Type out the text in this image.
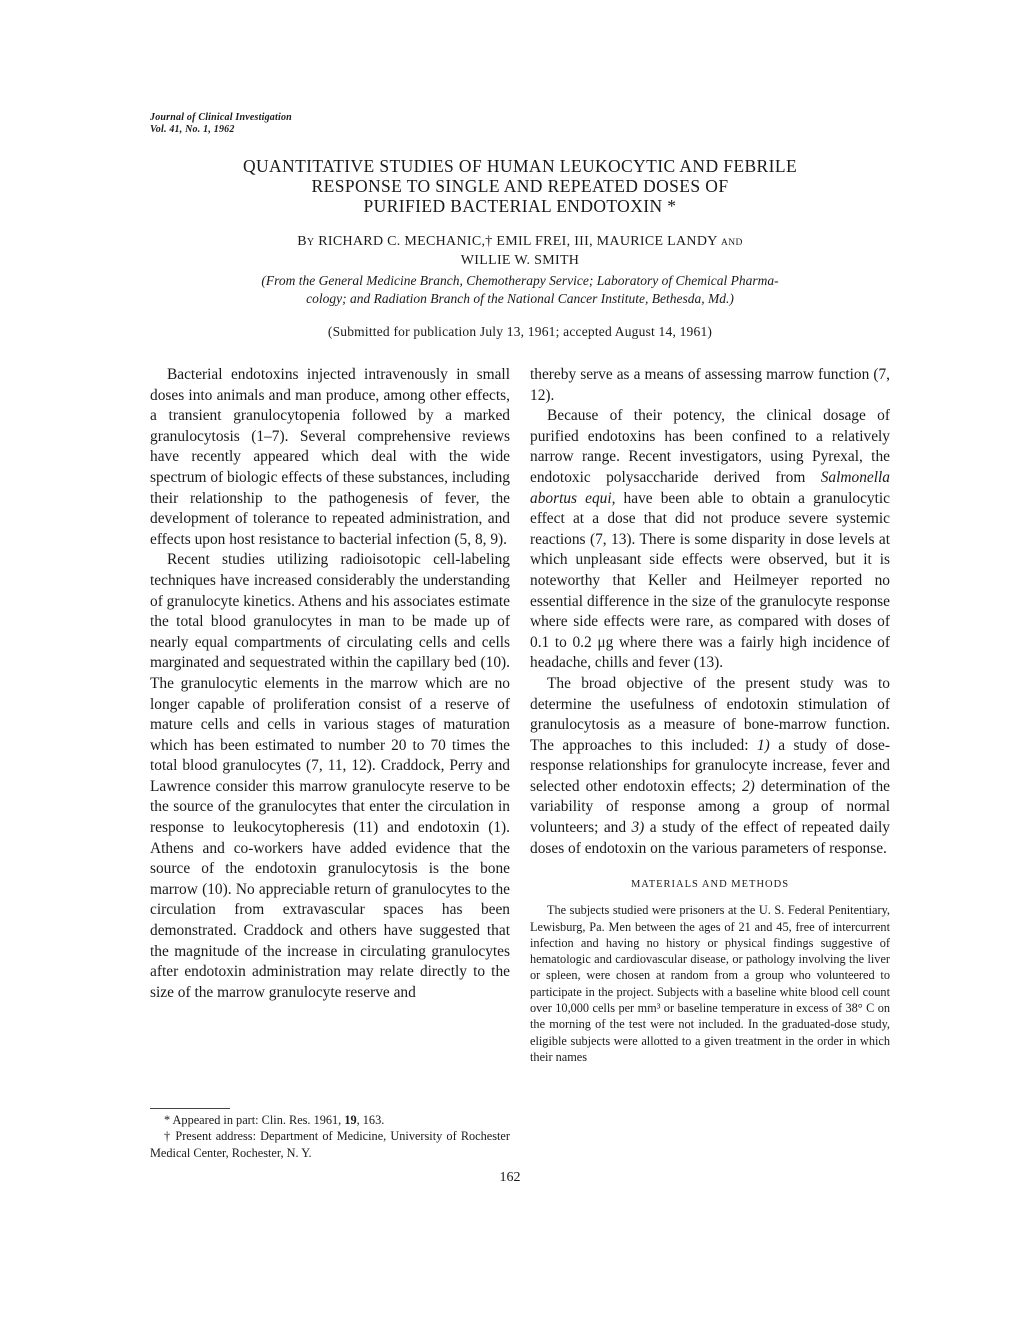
Journal of Clinical Investigation
Vol. 41, No. 1, 1962
QUANTITATIVE STUDIES OF HUMAN LEUKOCYTIC AND FEBRILE
RESPONSE TO SINGLE AND REPEATED DOSES OF
PURIFIED BACTERIAL ENDOTOXIN *
By RICHARD C. MECHANIC,† EMIL FREI, III, MAURICE LANDY AND
WILLIE W. SMITH
(From the General Medicine Branch, Chemotherapy Service; Laboratory of Chemical Pharma-
cology; and Radiation Branch of the National Cancer Institute, Bethesda, Md.)
(Submitted for publication July 13, 1961; accepted August 14, 1961)

Bacterial endotoxins injected intravenously in small doses into animals and man produce, among other effects, a transient granulocytopenia followed by a marked granulocytosis (1–7). Several comprehensive reviews have recently appeared which deal with the wide spectrum of biologic effects of these substances, including their relationship to the pathogenesis of fever, the development of tolerance to repeated administration, and effects upon host resistance to bacterial infection (5, 8, 9).

Recent studies utilizing radioisotopic cell-labeling techniques have increased considerably the understanding of granulocyte kinetics. Athens and his associates estimate the total blood granulocytes in man to be made up of nearly equal compartments of circulating cells and cells marginated and sequestrated within the capillary bed (10). The granulocytic elements in the marrow which are no longer capable of proliferation consist of a reserve of mature cells and cells in various stages of maturation which has been estimated to number 20 to 70 times the total blood granulocytes (7, 11, 12). Craddock, Perry and Lawrence consider this marrow granulocyte reserve to be the source of the granulocytes that enter the circulation in response to leukocytopheresis (11) and endotoxin (1). Athens and co-workers have added evidence that the source of the endotoxin granulocytosis is the bone marrow (10). No appreciable return of granulocytes to the circulation from extravascular spaces has been demonstrated. Craddock and others have suggested that the magnitude of the increase in circulating granulocytes after endotoxin administration may relate directly to the size of the marrow granulocyte reserve and

thereby serve as a means of assessing marrow function (7, 12).

Because of their potency, the clinical dosage of purified endotoxins has been confined to a relatively narrow range. Recent investigators, using Pyrexal, the endotoxic polysaccharide derived from Salmonella abortus equi, have been able to obtain a granulocytic effect at a dose that did not produce severe systemic reactions (7, 13). There is some disparity in dose levels at which unpleasant side effects were observed, but it is noteworthy that Keller and Heilmeyer reported no essential difference in the size of the granulocyte response where side effects were rare, as compared with doses of 0.1 to 0.2 μg where there was a fairly high incidence of headache, chills and fever (13).

The broad objective of the present study was to determine the usefulness of endotoxin stimulation of granulocytosis as a measure of bone-marrow function. The approaches to this included: 1) a study of dose-response relationships for granulocyte increase, fever and selected other endotoxin effects; 2) determination of the variability of response among a group of normal volunteers; and 3) a study of the effect of repeated daily doses of endotoxin on the various parameters of response.

MATERIALS AND METHODS

The subjects studied were prisoners at the U. S. Federal Penitentiary, Lewisburg, Pa. Men between the ages of 21 and 45, free of intercurrent infection and having no history or physical findings suggestive of hematologic and cardiovascular disease, or pathology involving the liver or spleen, were chosen at random from a group who volunteered to participate in the project. Subjects with a baseline white blood cell count over 10,000 cells per mm³ or baseline temperature in excess of 38° C on the morning of the test were not included. In the graduated-dose study, eligible subjects were allotted to a given treatment in the order in which their names

* Appeared in part: Clin. Res. 1961, 19, 163.

† Present address: Department of Medicine, University of Rochester Medical Center, Rochester, N. Y.

162
